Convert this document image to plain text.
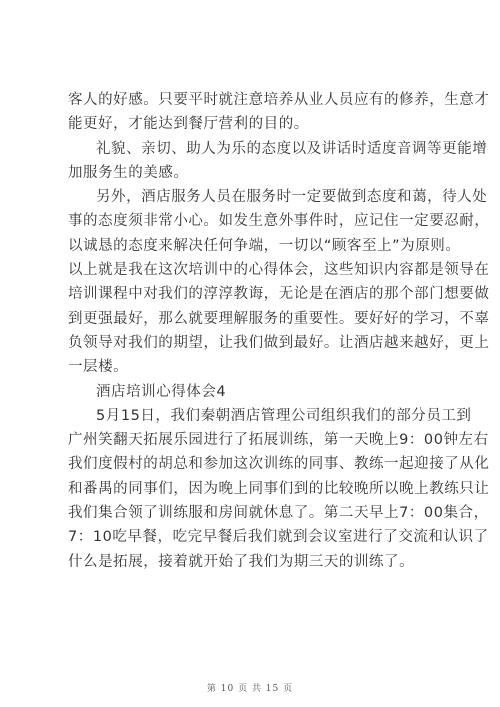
客人的好感。只要平时就注意培养从业人员应有的修养，生意才
能更好，才能达到餐厅营利的目的。
礼貌、亲切、助人为乐的态度以及讲话时适度音调等更能增
加服务生的美感。
另外，酒店服务人员在服务时一定要做到态度和蔼，待人处
事的态度须非常小心。如发生意外事件时，应记住一定要忍耐，
以诚恳的态度来解决任何争端，一切以“顾客至上”为原则。
以上就是我在这次培训中的心得体会，这些知识内容都是领导在
培训课程中对我们的淳淳教诲，无论是在酒店的那个部门想要做
到更强最好，那么就要理解服务的重要性。要好好的学习，不辜
负领导对我们的期望，让我们做到最好。让酒店越来越好，更上
一层楼。
酒店培训心得体会4
5月15日，我们秦朝酒店管理公司组织我们的部分员工到
广州笑翻天拓展乐园进行了拓展训练，第一天晚上9：00钟左右
我们度假村的胡总和参加这次训练的同事、教练一起迎接了从化
和番禺的同事们，因为晚上同事们到的比较晚所以晚上教练只让
我们集合领了训练服和房间就休息了。第二天早上7：00集合，
7：10吃早餐，吃完早餐后我们就到会议室进行了交流和认识了
什么是拓展，接着就开始了我们为期三天的训练了。
第 10 页 共 15 页
